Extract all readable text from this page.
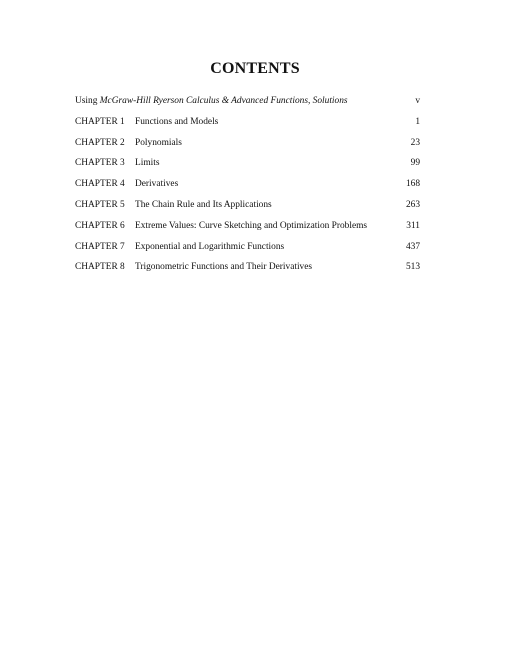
CONTENTS
Using McGraw-Hill Ryerson Calculus & Advanced Functions, Solutions	v
CHAPTER 1 Functions and Models	1
CHAPTER 2 Polynomials	23
CHAPTER 3 Limits	99
CHAPTER 4 Derivatives	168
CHAPTER 5 The Chain Rule and Its Applications	263
CHAPTER 6 Extreme Values: Curve Sketching and Optimization Problems	311
CHAPTER 7 Exponential and Logarithmic Functions	437
CHAPTER 8 Trigonometric Functions and Their Derivatives	513
